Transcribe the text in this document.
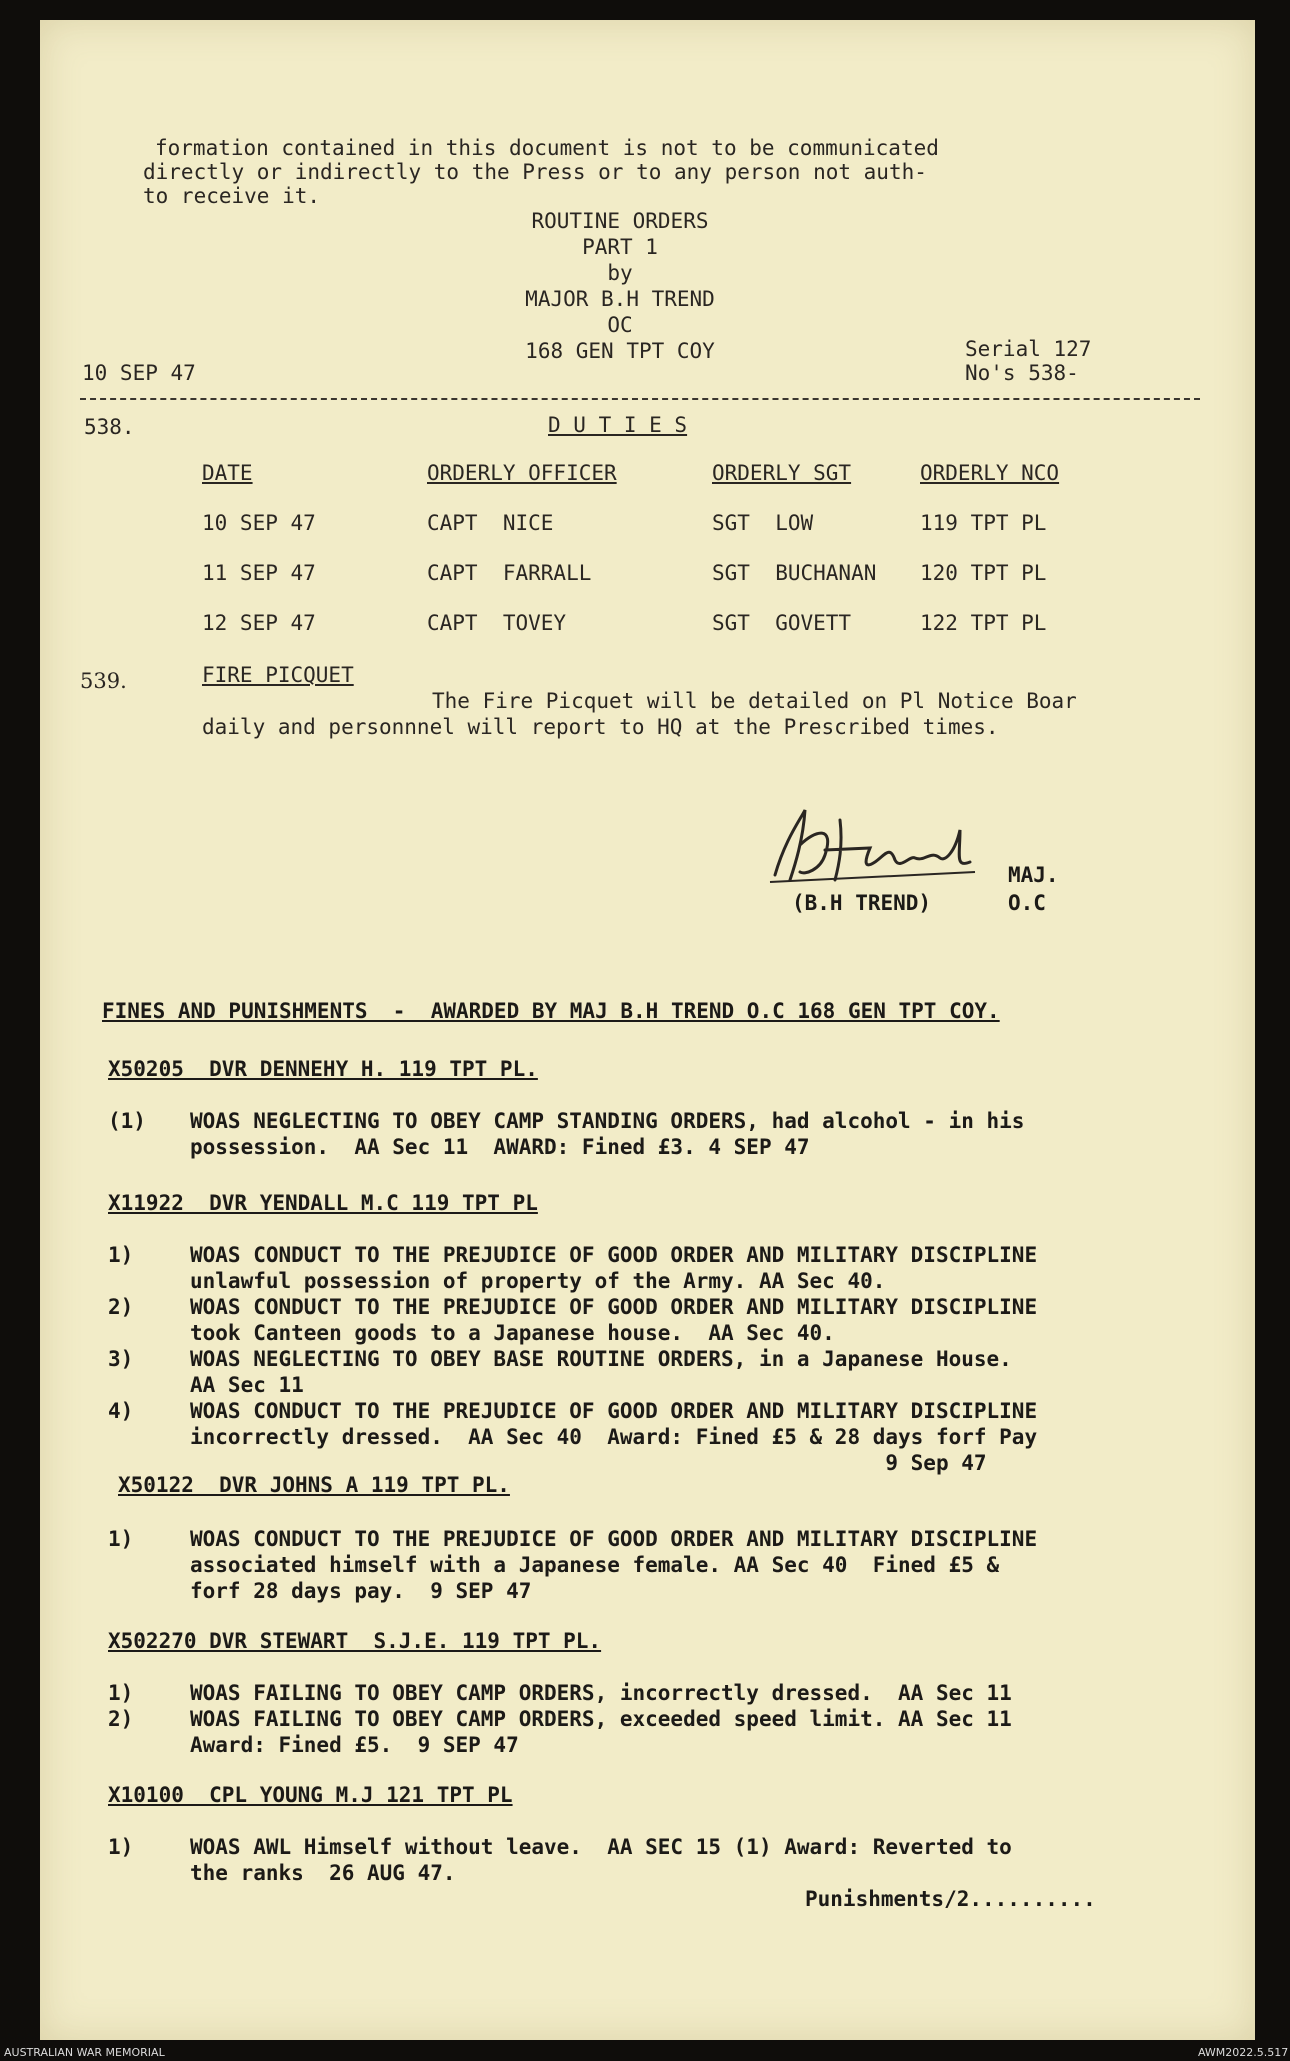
formation contained in this document is not to be communicated
directly or indirectly to the Press or to any person not auth-
to receive it.
ROUTINE ORDERS
PART 1
by
MAJOR B.H TREND
OC
168 GEN TPT COY
10 SEP 47
Serial 127
No's 538-
538.	D U T I E S
DATE	ORDERLY OFFICER	ORDERLY SGT	ORDERLY NCO
10 SEP 47	CAPT  NICE	SGT  LOW	119 TPT PL
11 SEP 47	CAPT  FARRALL	SGT  BUCHANAN 120 TPT PL
12 SEP 47	CAPT  TOVEY	SGT  GOVETT	122 TPT PL
539.	FIRE PICQUET
The Fire Picquet will be detailed on Pl Notice Boar
daily and personnnel will report to HQ at the Prescribed times.
MAJ.
(B.H TREND)	O.C
FINES AND PUNISHMENTS  -  AWARDED BY MAJ B.H TREND O.C 168 GEN TPT COY.
X50205  DVR DENNEHY H. 119 TPT PL.
(1) WOAS NEGLECTING TO OBEY CAMP STANDING ORDERS, had alcohol - in his
possession.  AA Sec 11  AWARD: Fined £3. 4 SEP 47
X11922  DVR YENDALL M.C 119 TPT PL
1)	WOAS CONDUCT TO THE PREJUDICE OF GOOD ORDER AND MILITARY DISCIPLINE
unlawful possession of property of the Army. AA Sec 40.
2)	WOAS CONDUCT TO THE PREJUDICE OF GOOD ORDER AND MILITARY DISCIPLINE
took Canteen goods to a Japanese house.  AA Sec 40.
3)	WOAS NEGLECTING TO OBEY BASE ROUTINE ORDERS, in a Japanese House.
AA Sec 11
4)	WOAS CONDUCT TO THE PREJUDICE OF GOOD ORDER AND MILITARY DISCIPLINE
incorrectly dressed.  AA Sec 40  Award: Fined £5 & 28 days forf Pay
9 Sep 47
X50122  DVR JOHNS A 119 TPT PL.
1)	WOAS CONDUCT TO THE PREJUDICE OF GOOD ORDER AND MILITARY DISCIPLINE
associated himself with a Japanese female. AA Sec 40  Fined £5 &
forf 28 days pay.  9 SEP 47
X502270 DVR STEWART  S.J.E. 119 TPT PL.
1)	WOAS FAILING TO OBEY CAMP ORDERS, incorrectly dressed.  AA Sec 11
2)	WOAS FAILING TO OBEY CAMP ORDERS, exceeded speed limit. AA Sec 11
Award: Fined £5.  9 SEP 47
X10100  CPL YOUNG M.J 121 TPT PL
1)	WOAS AWL Himself without leave.  AA SEC 15 (1) Award: Reverted to
the ranks  26 AUG 47.
Punishments/2..........
AUSTRALIAN WAR MEMORIAL	AWM2022.5.517
